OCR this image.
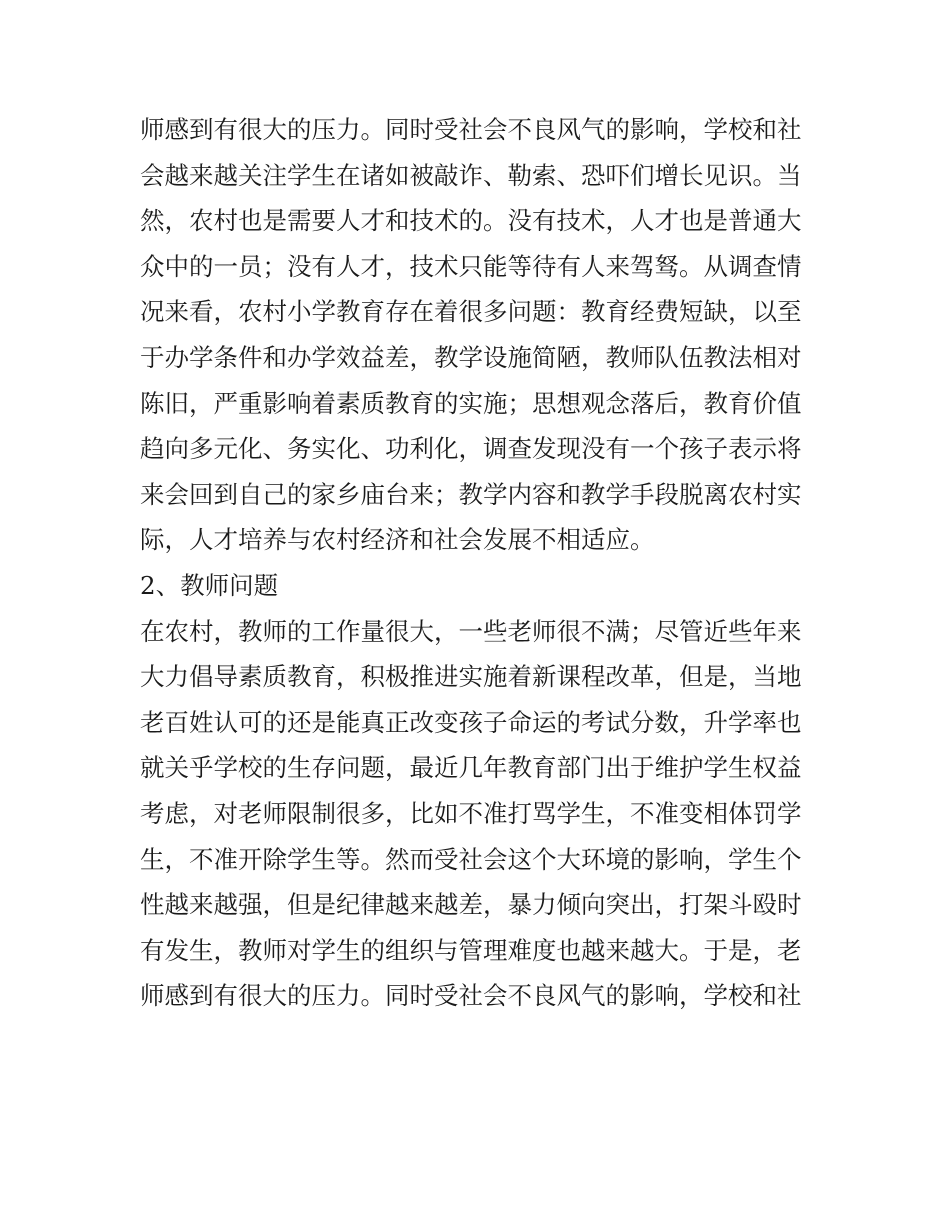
师感到有很大的压力。同时受社会不良风气的影响，学校和社
会越来越关注学生在诸如被敲诈、勒索、恐吓们增长见识。当
然，农村也是需要人才和技术的。没有技术，人才也是普通大
众中的一员；没有人才，技术只能等待有人来驾驽。从调查情
况来看，农村小学教育存在着很多问题：教育经费短缺，以至
于办学条件和办学效益差，教学设施简陋，教师队伍教法相对
陈旧，严重影响着素质教育的实施；思想观念落后，教育价值
趋向多元化、务实化、功利化，调查发现没有一个孩子表示将
来会回到自己的家乡庙台来；教学内容和教学手段脱离农村实
际，人才培养与农村经济和社会发展不相适应。
2、教师问题
在农村，教师的工作量很大，一些老师很不满；尽管近些年来
大力倡导素质教育，积极推进实施着新课程改革，但是，当地
老百姓认可的还是能真正改变孩子命运的考试分数，升学率也
就关乎学校的生存问题，最近几年教育部门出于维护学生权益
考虑，对老师限制很多，比如不准打骂学生，不准变相体罚学
生，不准开除学生等。然而受社会这个大环境的影响，学生个
性越来越强，但是纪律越来越差，暴力倾向突出，打架斗殴时
有发生，教师对学生的组织与管理难度也越来越大。于是，老
师感到有很大的压力。同时受社会不良风气的影响，学校和社
